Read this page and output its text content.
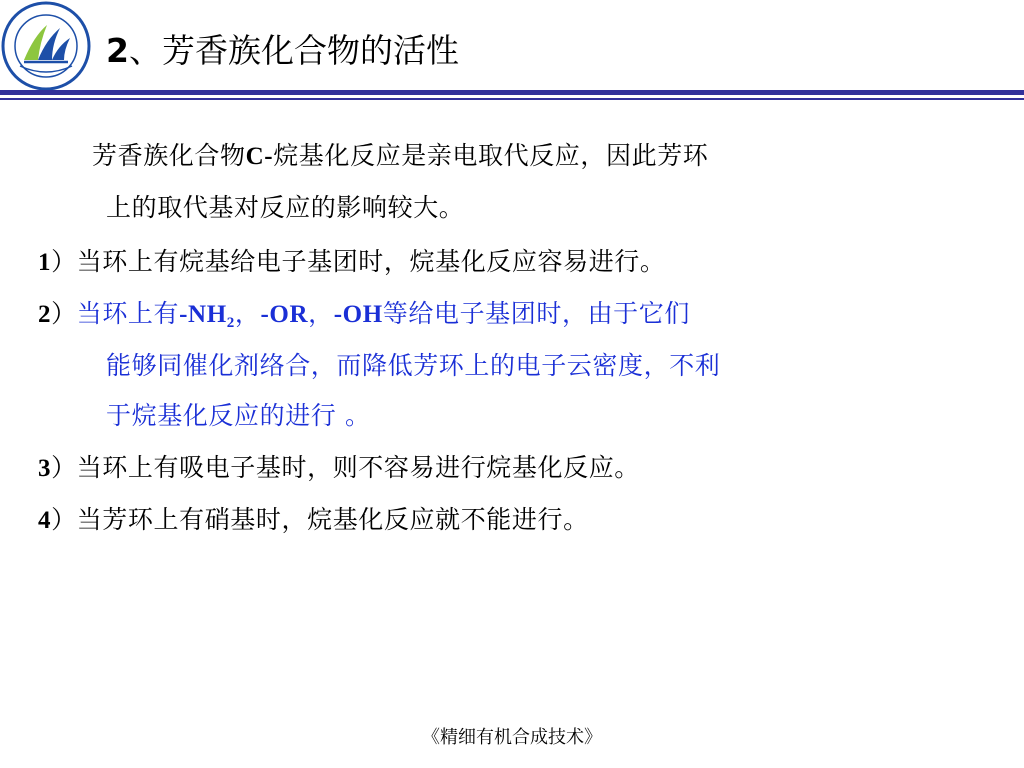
2、芳香族化合物的活性
芳香族化合物C-烷基化反应是亲电取代反应，因此芳环
上的取代基对反应的影响较大。
1）当环上有烷基给电子基团时，烷基化反应容易进行。
2）当环上有$-NH_2$，-OR，-OH等给电子基团时，由于它们
能够同催化剂络合，而降低芳环上的电子云密度，不利
于烷基化反应的进行 。
3）当环上有吸电子基时，则不容易进行烷基化反应。
4）当芳环上有硝基时，烷基化反应就不能进行。
《精细有机合成技术》
